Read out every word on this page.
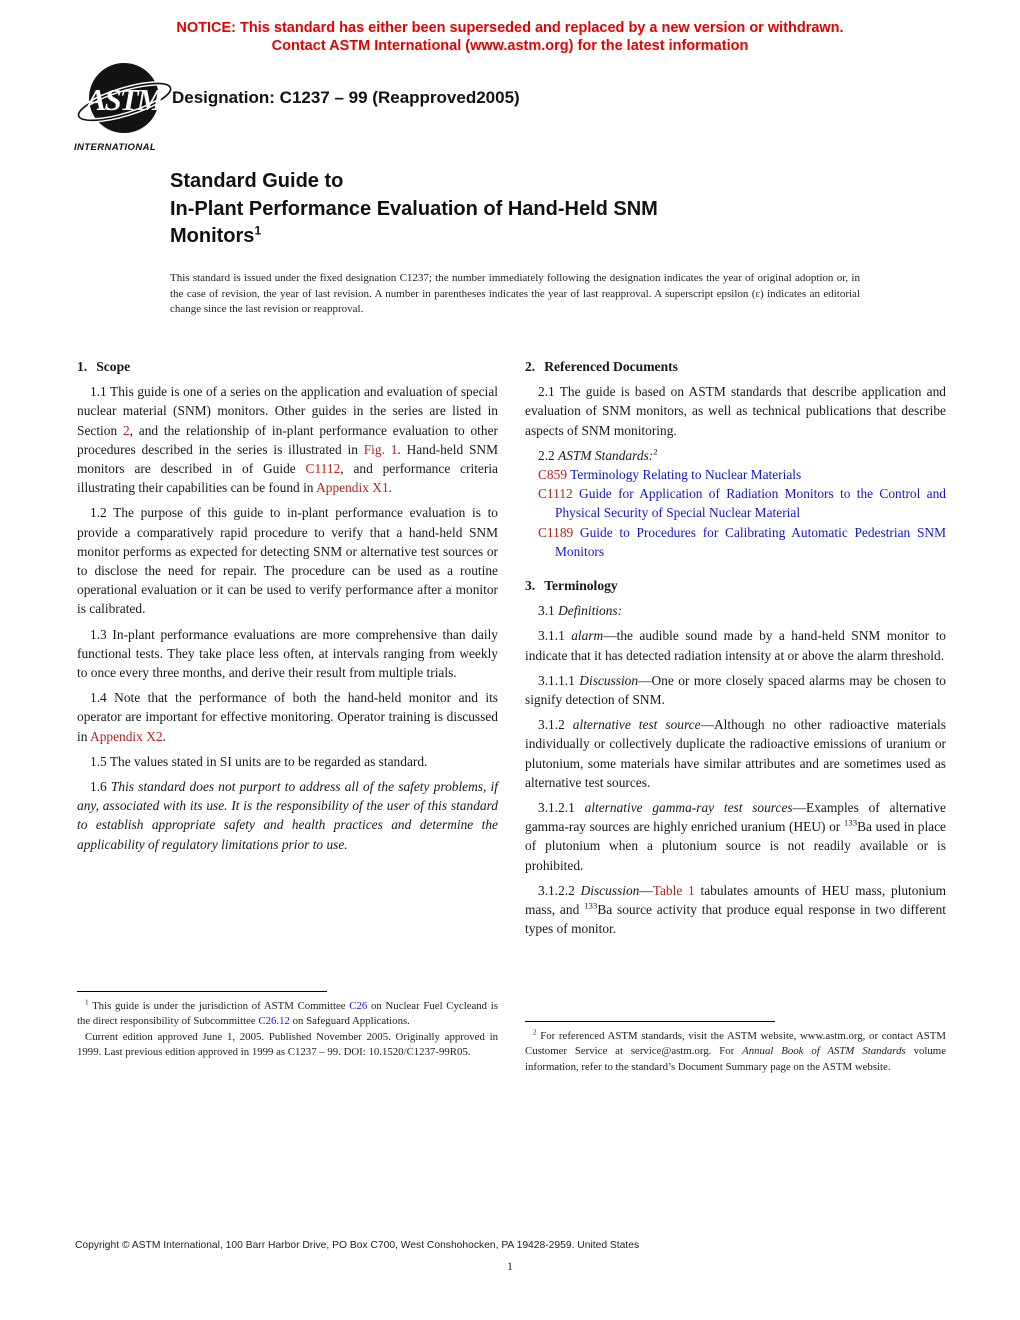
NOTICE: This standard has either been superseded and replaced by a new version or withdrawn.
Contact ASTM International (www.astm.org) for the latest information
ASTM
INTERNATIONAL
Designation: C1237 – 99 (Reapproved2005)
Standard Guide to
In-Plant Performance Evaluation of Hand-Held SNM
Monitors$^1$
This standard is issued under the fixed designation C1237; the number immediately following the designation indicates the year of original adoption or, in the case of revision, the year of last revision. A number in parentheses indicates the year of last reapproval. A superscript epsilon (ε) indicates an editorial change since the last revision or reapproval.
1. Scope

1.1 This guide is one of a series on the application and evaluation of special nuclear material (SNM) monitors. Other guides in the series are listed in Section 2, and the relationship of in-plant performance evaluation to other procedures described in the series is illustrated in Fig. 1. Hand-held SNM monitors are described in of Guide C1112, and performance criteria illustrating their capabilities can be found in Appendix X1.

1.2 The purpose of this guide to in-plant performance evaluation is to provide a comparatively rapid procedure to verify that a hand-held SNM monitor performs as expected for detecting SNM or alternative test sources or to disclose the need for repair. The procedure can be used as a routine operational evaluation or it can be used to verify performance after a monitor is calibrated.

1.3 In-plant performance evaluations are more comprehensive than daily functional tests. They take place less often, at intervals ranging from weekly to once every three months, and derive their result from multiple trials.

1.4 Note that the performance of both the hand-held monitor and its operator are important for effective monitoring. Operator training is discussed in Appendix X2.

1.5 The values stated in SI units are to be regarded as standard.

1.6 This standard does not purport to address all of the safety problems, if any, associated with its use. It is the responsibility of the user of this standard to establish appropriate safety and health practices and determine the applicability of regulatory limitations prior to use.

2. Referenced Documents

2.1 The guide is based on ASTM standards that describe application and evaluation of SNM monitors, as well as technical publications that describe aspects of SNM monitoring.

2.2 ASTM Standards:$^2$

C859 Terminology Relating to Nuclear Materials

C1112 Guide for Application of Radiation Monitors to the Control and Physical Security of Special Nuclear Material

C1189 Guide to Procedures for Calibrating Automatic Pedestrian SNM Monitors

3. Terminology

3.1 Definitions:

3.1.1 alarm—the audible sound made by a hand-held SNM monitor to indicate that it has detected radiation intensity at or above the alarm threshold.

3.1.1.1 Discussion—One or more closely spaced alarms may be chosen to signify detection of SNM.

3.1.2 alternative test source—Although no other radioactive materials individually or collectively duplicate the radioactive emissions of uranium or plutonium, some materials have similar attributes and are sometimes used as alternative test sources.

3.1.2.1 alternative gamma-ray test sources—Examples of alternative gamma-ray sources are highly enriched uranium (HEU) or $^{133}$Ba used in place of plutonium when a plutonium source is not readily available or is prohibited.

3.1.2.2 Discussion—Table 1 tabulates amounts of HEU mass, plutonium mass, and $^{133}$Ba source activity that produce equal response in two different types of monitor.

$^1$ This guide is under the jurisdiction of ASTM Committee C26 on Nuclear Fuel Cycleand is the direct responsibility of Subcommittee C26.12 on Safeguard Applications.

Current edition approved June 1, 2005. Published November 2005. Originally approved in 1999. Last previous edition approved in 1999 as C1237 – 99. DOI: 10.1520/C1237-99R05.

$^2$ For referenced ASTM standards, visit the ASTM website, www.astm.org, or contact ASTM Customer Service at service@astm.org. For Annual Book of ASTM Standards volume information, refer to the standard’s Document Summary page on the ASTM website.

Copyright © ASTM International, 100 Barr Harbor Drive, PO Box C700, West Conshohocken, PA 19428-2959. United States
1
